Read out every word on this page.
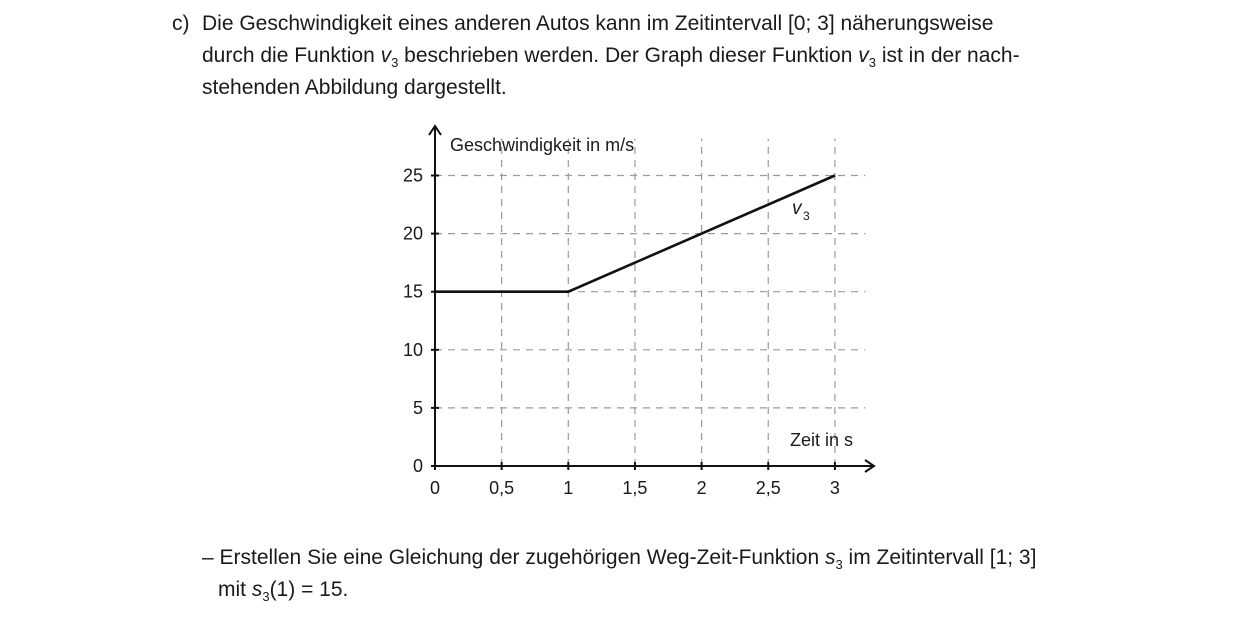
c) Die Geschwindigkeit eines anderen Autos kann im Zeitintervall [0; 3] näherungsweise
durch die Funktion $v_3$ beschrieben werden. Der Graph dieser Funktion $v_3$ ist in der nach-
stehenden Abbildung dargestellt.
0
5
10
15
20
25
0	0,5	1	1,5	2	2,5	3
Geschwindigkeit in m/s
Zeit in s
v 3
– Erstellen Sie eine Gleichung der zugehörigen Weg-Zeit-Funktion $s_3$ im Zeitintervall [1; 3]
mit $s_3(1) = 15$.
